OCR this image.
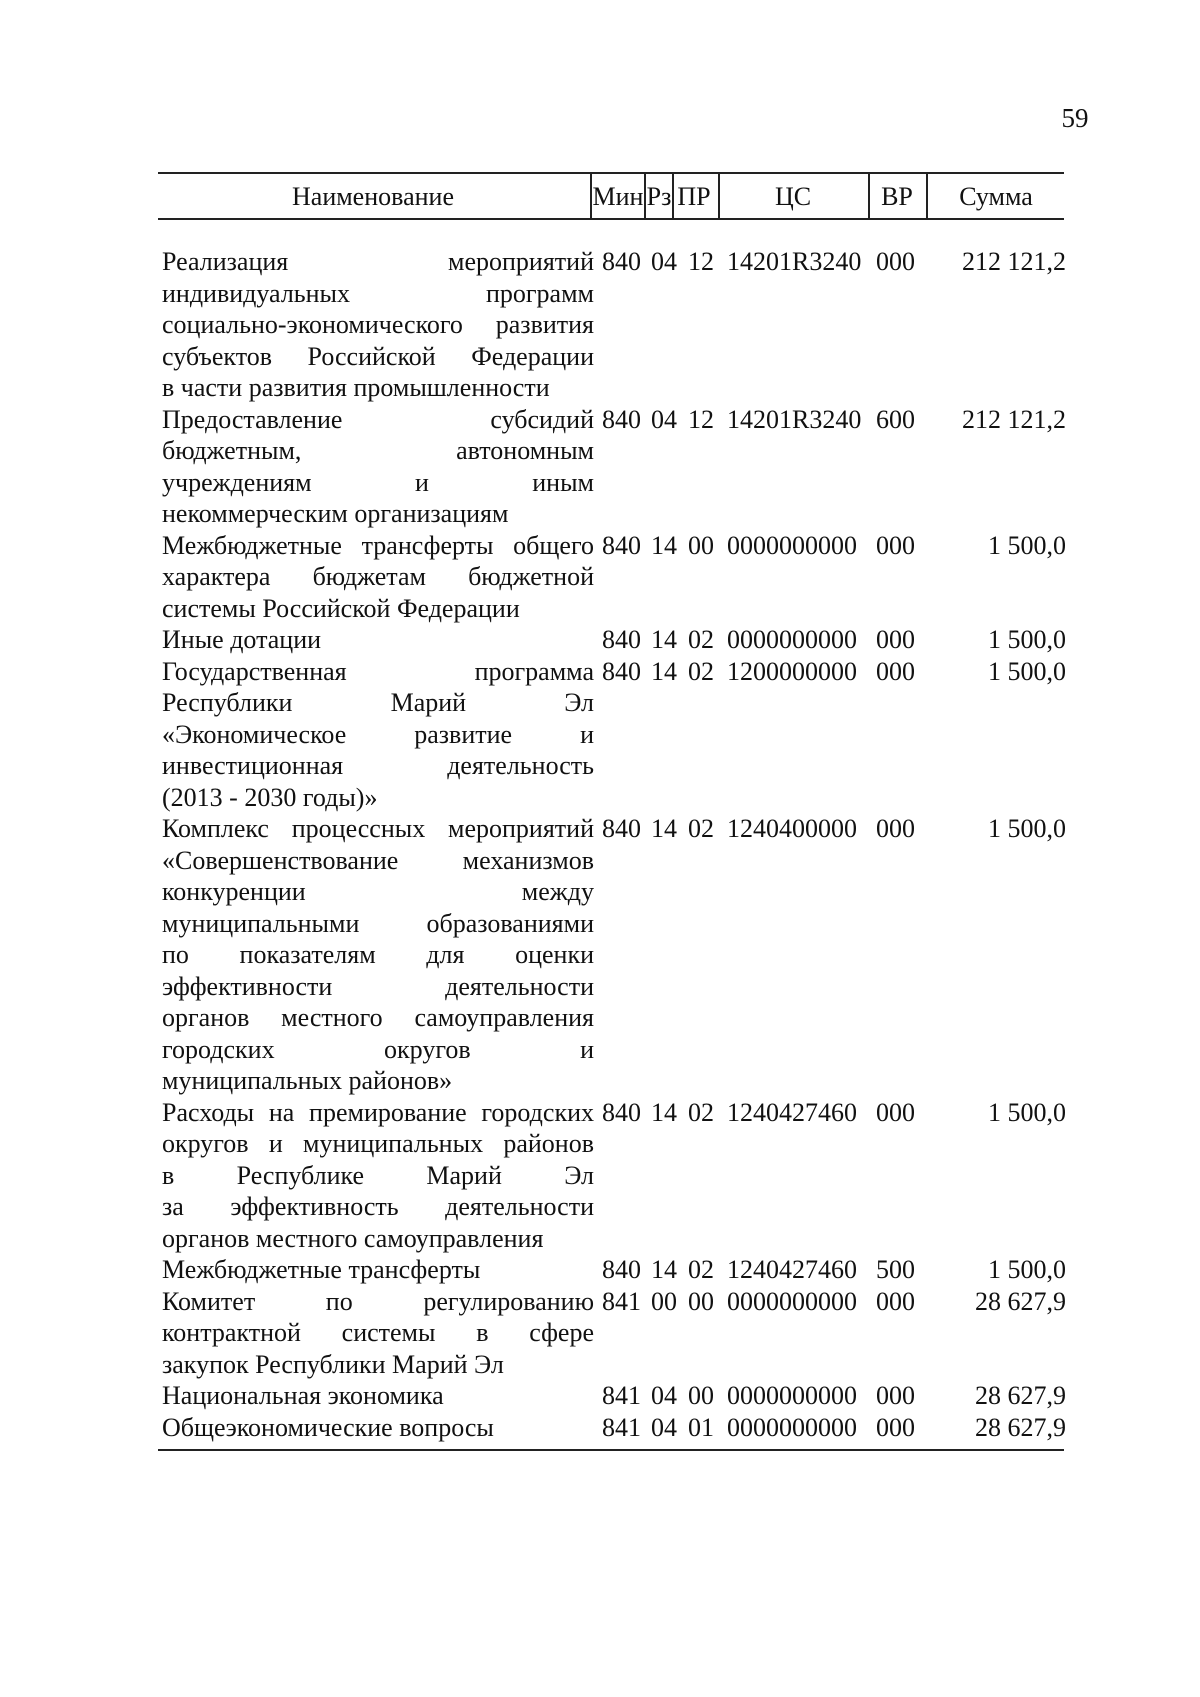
59
Наименование	Мин Рз ПР	ЦС	ВР	Сумма
Реализация мероприятий
индивидуальных программ
социально-экономического развития
субъектов Российской Федерации
в части развития промышленности
840 04 12 14201R3240 000	212 121,2
Предоставление субсидий
бюджетным, автономным
учреждениям и иным
некоммерческим организациям
840 04 12 14201R3240 600	212 121,2
Межбюджетные трансферты общего
характера бюджетам бюджетной
системы Российской Федерации
840 14 00 0000000000 000	1 500,0
Иные дотации	840 14 02 0000000000 000	1 500,0
Государственная программа
Республики Марий Эл
«Экономическое развитие и
инвестиционная деятельность
(2013 - 2030 годы)»
840 14 02 1200000000 000	1 500,0
Комплекс процессных мероприятий
«Совершенствование механизмов
конкуренции между
муниципальными образованиями
по показателям для оценки
эффективности деятельности
органов местного самоуправления
городских округов и
муниципальных районов»
840 14 02 1240400000 000	1 500,0
Расходы на премирование городских
округов и муниципальных районов
в Республике Марий Эл
за эффективность деятельности
органов местного самоуправления
840 14 02 1240427460 000	1 500,0
Межбюджетные трансферты	840 14 02 1240427460 500	1 500,0
Комитет по регулированию
контрактной системы в сфере
закупок Республики Марий Эл
841 00 00 0000000000 000	28 627,9
Национальная экономика	841 04 00 0000000000 000	28 627,9
Общеэкономические вопросы	841 04 01 0000000000 000	28 627,9
